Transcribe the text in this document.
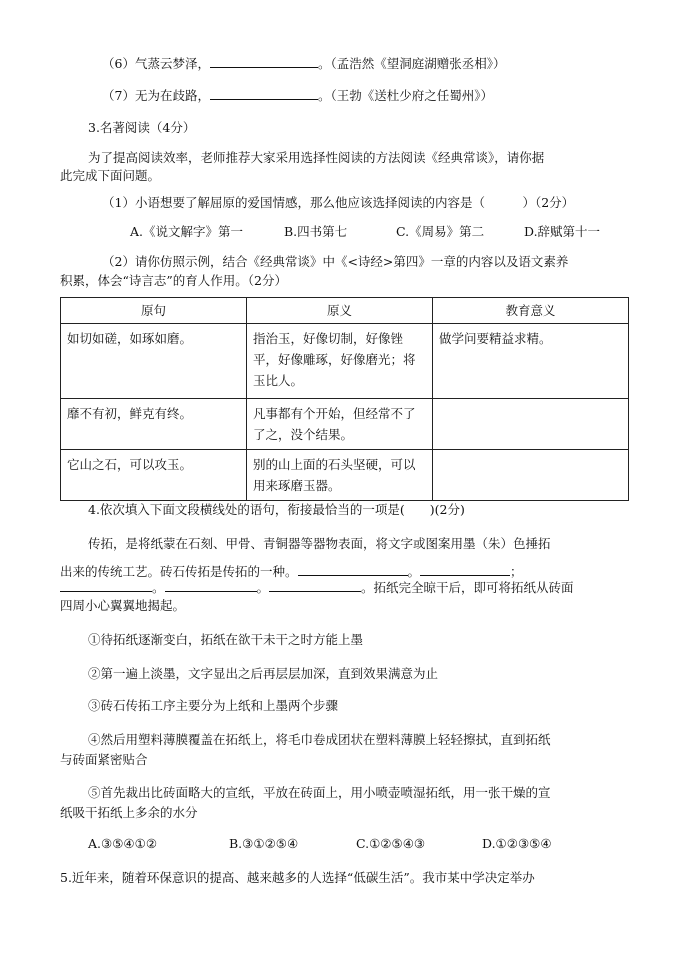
（6）气蒸云梦泽，	。（孟浩然《望洞庭湖赠张丞相》）
（7）无为在歧路，	。（王勃《送杜少府之任蜀州》）
3.名著阅读（4分）
为了提高阅读效率，老师推荐大家采用选择性阅读的方法阅读《经典常谈》，请你据
此完成下面问题。
（1）小语想要了解屈原的爱国情感，那么他应该选择阅读的内容是（　　　）（2分）
A.《说文解字》第一	B.四书第七	C.《周易》第二	D.辞赋第十一
（2）请你仿照示例，结合《经典常谈》中《<诗经>第四》一章的内容以及语文素养
积累，体会“诗言志”的育人作用。（2分）
原句	原义	教育意义
如切如磋，如琢如磨。	指治玉，好像切制，好像锉平，好像雕琢，好像磨光；将玉比人。	做学问要精益求精。
靡不有初，鲜克有终。	凡事都有个开始，但经常不了了之，没个结果。	
它山之石，可以攻玉。	别的山上面的石头坚硬，可以用来琢磨玉器。	
4.依次填入下面文段横线处的语句，衔接最恰当的一项是(　　)(2分)
传拓，是将纸蒙在石刻、甲骨、青铜器等器物表面，将文字或图案用墨（朱）色捶拓
出来的传统工艺。砖石传拓是传拓的一种。	。	；
。	。	。拓纸完全晾干后，即可将拓纸从砖面
四周小心翼翼地揭起。
①待拓纸逐渐变白，拓纸在欲干未干之时方能上墨
②第一遍上淡墨，文字显出之后再层层加深，直到效果满意为止
③砖石传拓工序主要分为上纸和上墨两个步骤
④然后用塑料薄膜覆盖在拓纸上，将毛巾卷成团状在塑料薄膜上轻轻擦拭，直到拓纸
与砖面紧密贴合
⑤首先裁出比砖面略大的宣纸，平放在砖面上，用小喷壶喷湿拓纸，用一张干燥的宣
纸吸干拓纸上多余的水分
A.③⑤④①②	B.③①②⑤④	C.①②⑤④③	D.①②③⑤④
5.近年来，随着环保意识的提高、越来越多的人选择“低碳生活”。我市某中学决定举办
